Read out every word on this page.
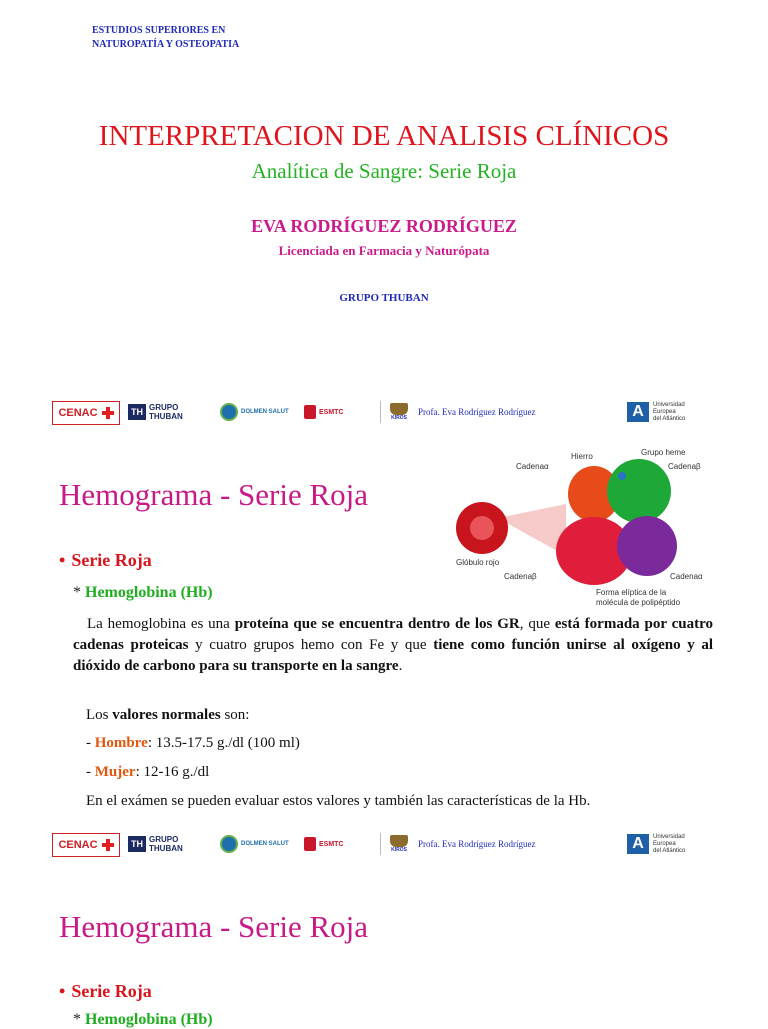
ESTUDIOS SUPERIORES EN
NATUROPATÍA Y OSTEOPATIA
INTERPRETACION DE ANALISIS CLÍNICOS
Analítica de Sangre: Serie Roja
EVA RODRÍGUEZ RODRÍGUEZ
Licenciada en Farmacia y Naturópata
GRUPO THUBAN
CENAC	TH GRUPO THUBAN	DOLMEN SALUT	ESMTC
KIROS
Profa. Eva Rodríguez Rodríguez	A	Universidad
Europea
del Atlántico
Hemograma - Serie Roja
Hierro	Grupo heme
Cadenaα	Cadenaβ
Glóbulo rojo
Cadenaβ	Cadenaα
Forma elíptica de la
molécula de polipéptido
• Serie Roja
* Hemoglobina (Hb)
La hemoglobina es una proteína que se encuentra dentro de los GR, que está formada por cuatro cadenas proteicas y cuatro grupos hemo con Fe y que tiene como función unirse al oxígeno y al dióxido de carbono para su transporte en la sangre.
Los valores normales son:
- Hombre: 13.5-17.5 g./dl (100 ml)
- Mujer: 12-16 g./dl
En el exámen se pueden evaluar estos valores y también las características de la Hb.
CENAC	TH GRUPO THUBAN	DOLMEN SALUT	ESMTC
KIROS
Profa. Eva Rodríguez Rodríguez	A	Universidad
Europea
del Atlántico
Hemograma - Serie Roja
• Serie Roja
* Hemoglobina (Hb)
